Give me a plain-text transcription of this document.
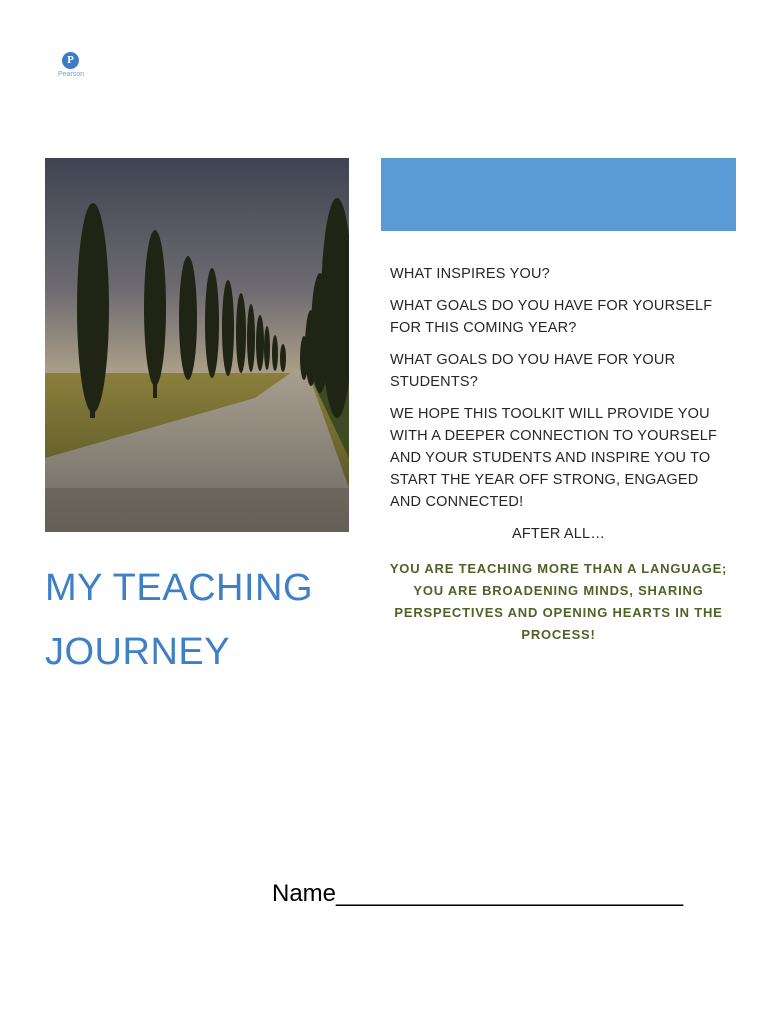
P
Pearson

WHAT INSPIRES YOU?

WHAT GOALS DO YOU HAVE FOR YOURSELF FOR THIS COMING YEAR?

WHAT GOALS DO YOU HAVE FOR YOUR STUDENTS?

WE HOPE THIS TOOLKIT WILL PROVIDE YOU WITH A DEEPER CONNECTION TO YOURSELF AND YOUR STUDENTS AND INSPIRE YOU TO START THE YEAR OFF STRONG, ENGAGED AND CONNECTED!

AFTER ALL…
YOU ARE TEACHING MORE THAN A LANGUAGE; YOU ARE BROADENING MINDS, SHARING PERSPECTIVES AND OPENING HEARTS IN THE PROCESS!
MY TEACHING
JOURNEY
Name__________________________
